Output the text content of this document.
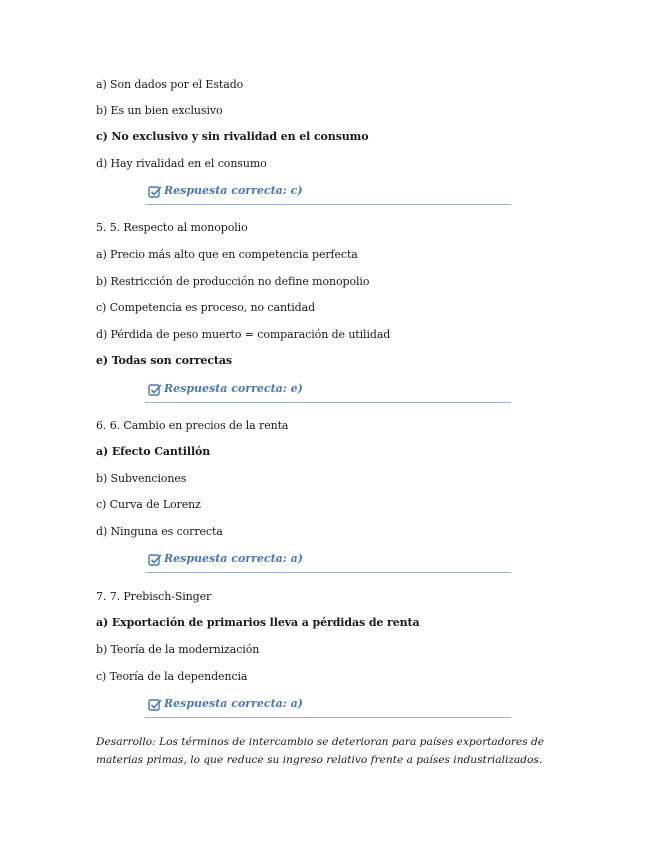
a) Son dados por el Estado
b) Es un bien exclusivo
c) No exclusivo y sin rivalidad en el consumo
d) Hay rivalidad en el consumo
Respuesta correcta: c)
5. 5. Respecto al monopolio
a) Precio más alto que en competencia perfecta
b) Restricción de producción no define monopolio
c) Competencia es proceso, no cantidad
d) Pérdida de peso muerto = comparación de utilidad
e) Todas son correctas
Respuesta correcta: e)
6. 6. Cambio en precios de la renta
a) Efecto Cantillón
b) Subvenciones
c) Curva de Lorenz
d) Ninguna es correcta
Respuesta correcta: a)
7. 7. Prebisch-Singer
a) Exportación de primarios lleva a pérdidas de renta
b) Teoría de la modernización
c) Teoría de la dependencia
Respuesta correcta: a)
Desarrollo: Los términos de intercambio se deterioran para países exportadores de materias primas, lo que reduce su ingreso relativo frente a países industrializados.
